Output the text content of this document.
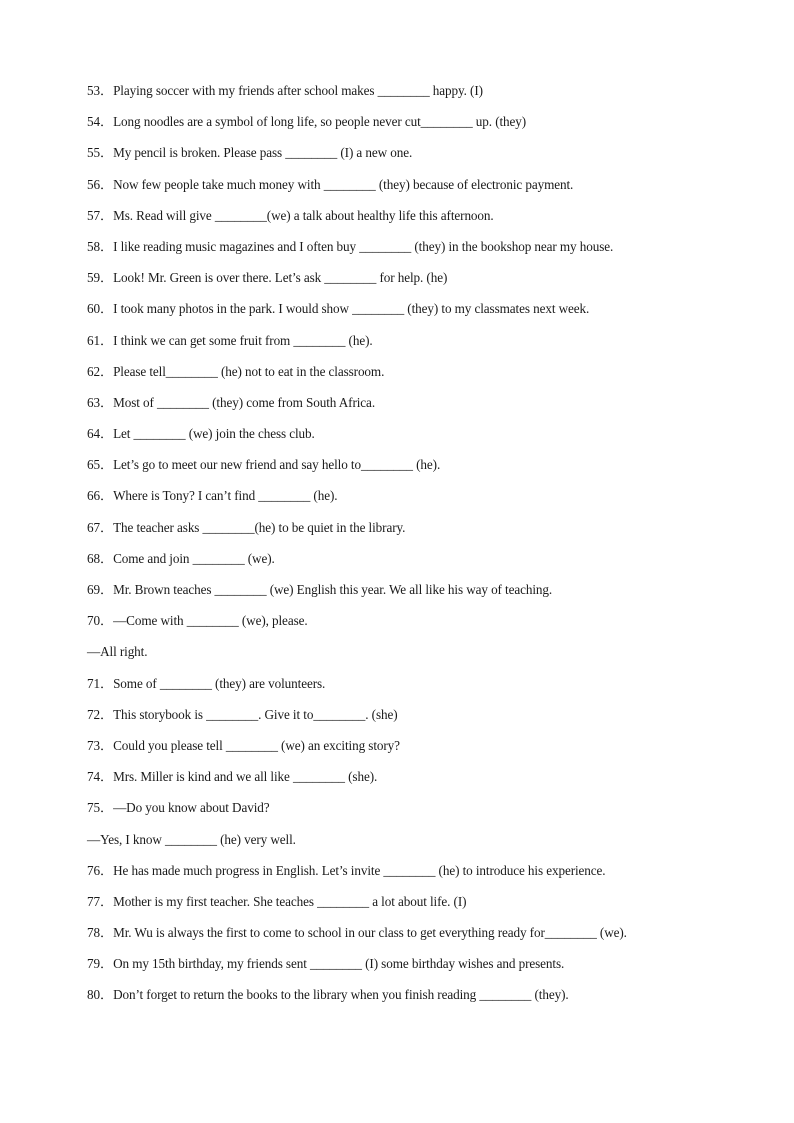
53．Playing soccer with my friends after school makes ________ happy. (I)
54．Long noodles are a symbol of long life, so people never cut________ up. (they)
55．My pencil is broken. Please pass ________ (I) a new one.
56．Now few people take much money with ________ (they) because of electronic payment.
57．Ms. Read will give ________(we) a talk about healthy life this afternoon.
58．I like reading music magazines and I often buy ________ (they) in the bookshop near my house.
59．Look! Mr. Green is over there. Let’s ask ________ for help. (he)
60．I took many photos in the park. I would show ________ (they) to my classmates next week.
61．I think we can get some fruit from ________ (he).
62．Please tell________ (he) not to eat in the classroom.
63．Most of ________ (they) come from South Africa.
64．Let ________ (we) join the chess club.
65．Let’s go to meet our new friend and say hello to________ (he).
66．Where is Tony? I can’t find ________ (he).
67．The teacher asks ________(he) to be quiet in the library.
68．Come and join ________ (we).
69．Mr. Brown teaches ________ (we) English this year. We all like his way of teaching.
70．—Come with ________ (we), please.
—All right.
71．Some of ________ (they) are volunteers.
72．This storybook is ________. Give it to________. (she)
73．Could you please tell ________ (we) an exciting story?
74．Mrs. Miller is kind and we all like ________ (she).
75．—Do you know about David?
—Yes, I know ________ (he) very well.
76．He has made much progress in English. Let’s invite ________ (he) to introduce his experience.
77．Mother is my first teacher. She teaches ________ a lot about life. (I)
78．Mr. Wu is always the first to come to school in our class to get everything ready for________ (we).
79．On my 15th birthday, my friends sent ________ (I) some birthday wishes and presents.
80．Don’t forget to return the books to the library when you finish reading ________ (they).
